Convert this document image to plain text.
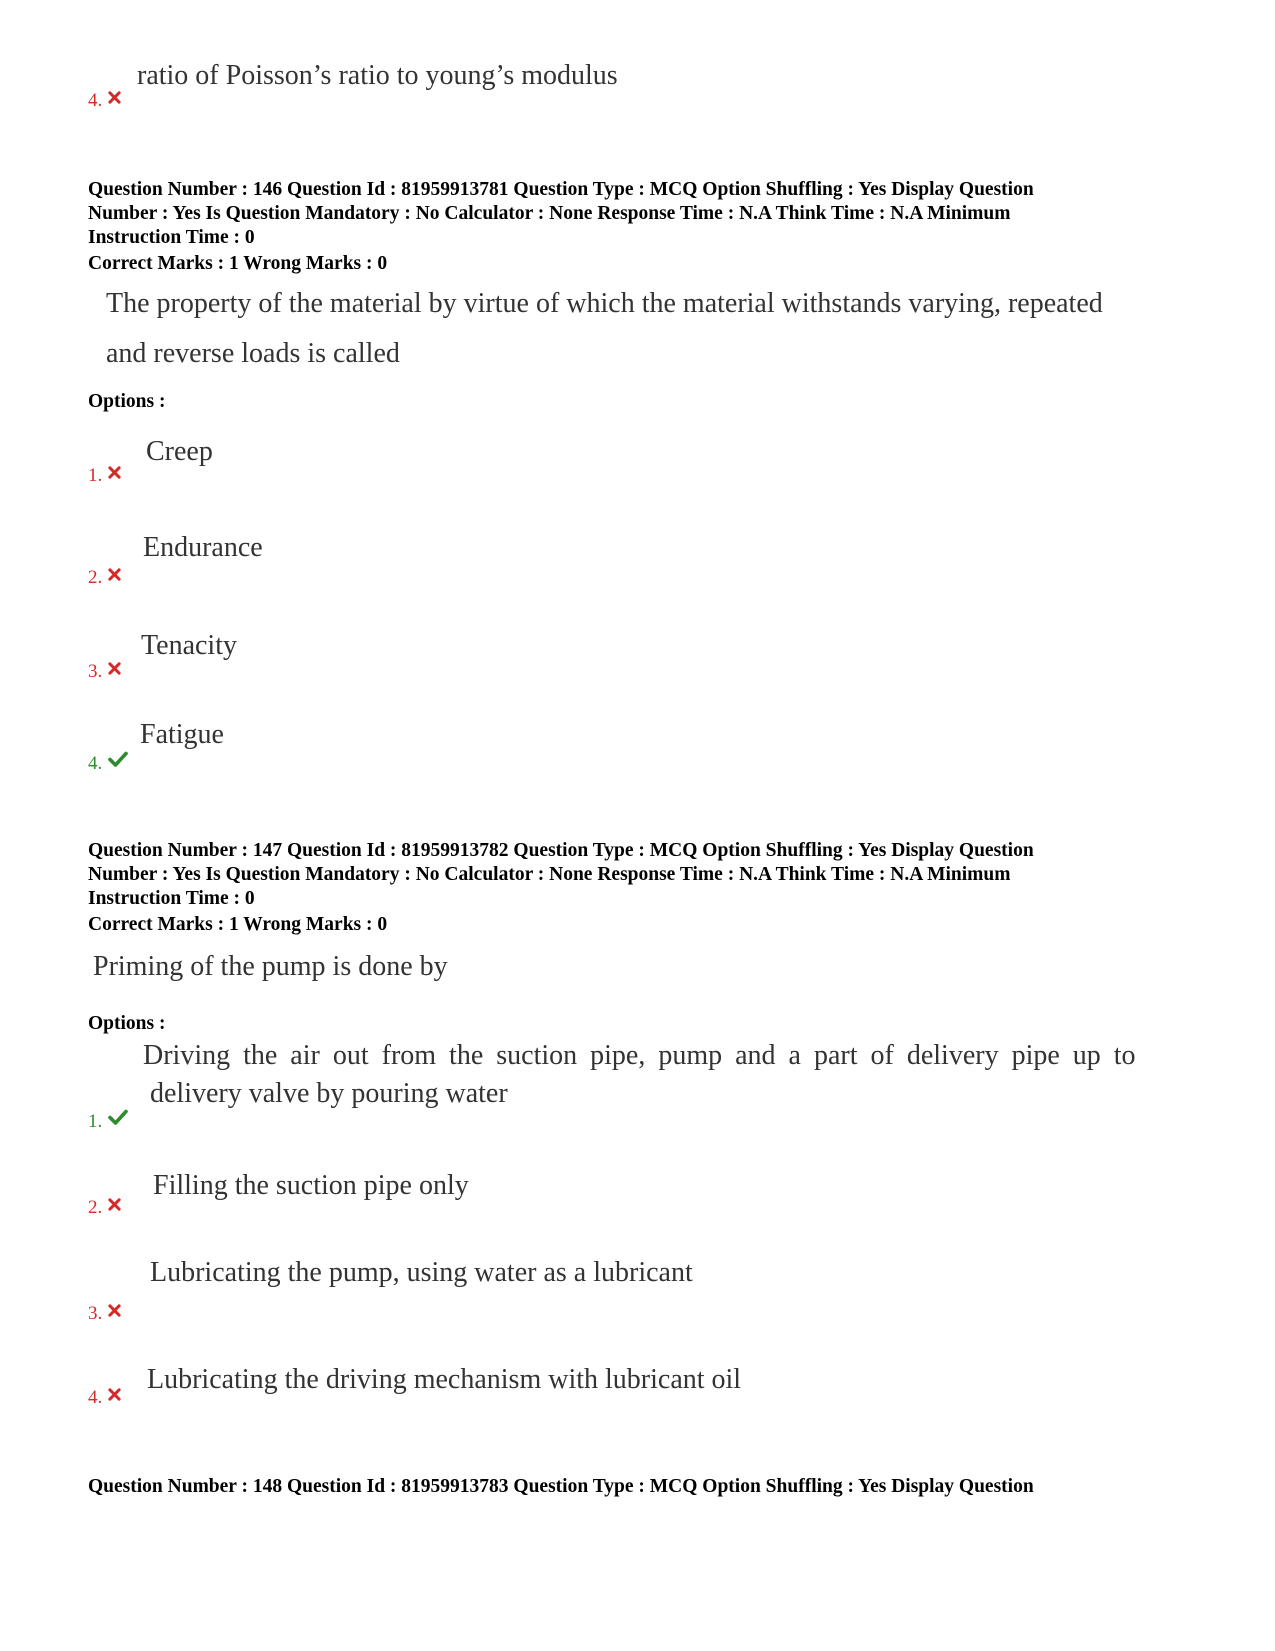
4.
ratio of Poisson’s ratio to young’s modulus
Question Number : 146 Question Id : 81959913781 Question Type : MCQ Option Shuffling : Yes Display Question
Number : Yes Is Question Mandatory : No Calculator : None Response Time : N.A Think Time : N.A Minimum
Instruction Time : 0
Correct Marks : 1 Wrong Marks : 0
The property of the material by virtue of which the material withstands varying, repeated
and reverse loads is called
Options :
1.
Creep
2.
Endurance
3.
Tenacity
4.
Fatigue
Question Number : 147 Question Id : 81959913782 Question Type : MCQ Option Shuffling : Yes Display Question
Number : Yes Is Question Mandatory : No Calculator : None Response Time : N.A Think Time : N.A Minimum
Instruction Time : 0
Correct Marks : 1 Wrong Marks : 0
Priming of the pump is done by
Options :
1.
Driving the air out from the suction pipe, pump and a part of delivery pipe up to
delivery valve by pouring water
2.
Filling the suction pipe only
3.
Lubricating the pump, using water as a lubricant
4.
Lubricating the driving mechanism with lubricant oil
Question Number : 148 Question Id : 81959913783 Question Type : MCQ Option Shuffling : Yes Display Question
